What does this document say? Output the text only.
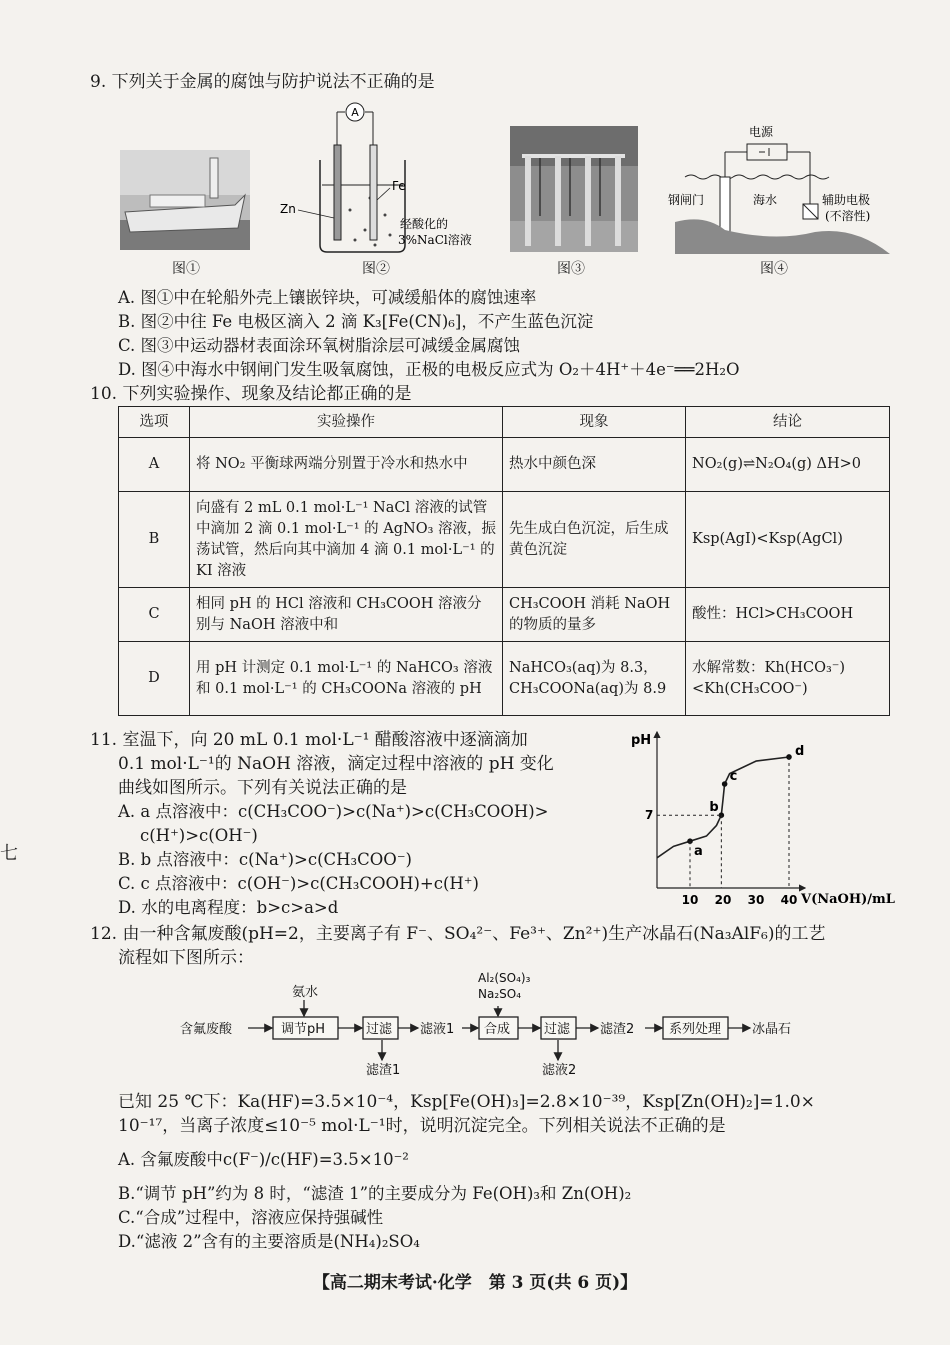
9. 下列关于金属的腐蚀与防护说法不正确的是
图①
A
Zn
Fe
经酸化的
3%NaCl溶液
图②	图③
电源
钢闸门	海水	辅助电极
(不溶性)
图④
A. 图①中在轮船外壳上镶嵌锌块，可减缓船体的腐蚀速率
B. 图②中往 Fe 电极区滴入 2 滴 K₃[Fe(CN)₆]，不产生蓝色沉淀
C. 图③中运动器材表面涂环氧树脂涂层可减缓金属腐蚀
D. 图④中海水中钢闸门发生吸氧腐蚀，正极的电极反应式为 O₂＋4H⁺＋4e⁻══2H₂O
10. 下列实验操作、现象及结论都正确的是
选项	实验操作	现象	结论
A	将 NO₂ 平衡球两端分别置于冷水和热水中	热水中颜色深	NO₂(g)⇌N₂O₄(g) ΔH>0
B	向盛有 2 mL 0.1 mol·L⁻¹ NaCl 溶液的试管中滴加 2 滴 0.1 mol·L⁻¹ 的 AgNO₃ 溶液，振荡试管，然后向其中滴加 4 滴 0.1 mol·L⁻¹ 的 KI 溶液	先生成白色沉淀，后生成黄色沉淀	Ksp(AgI)<Ksp(AgCl)
C	相同 pH 的 HCl 溶液和 CH₃COOH 溶液分别与 NaOH 溶液中和	CH₃COOH 消耗 NaOH 的物质的量多	酸性：HCl>CH₃COOH
D	用 pH 计测定 0.1 mol·L⁻¹ 的 NaHCO₃ 溶液和 0.1 mol·L⁻¹ 的 CH₃COONa 溶液的 pH	NaHCO₃(aq)为 8.3，CH₃COONa(aq)为 8.9	水解常数：Kh(HCO₃⁻)<Kh(CH₃COO⁻)
11. 室温下，向 20 mL 0.1 mol·L⁻¹ 醋酸溶液中逐滴滴加
0.1 mol·L⁻¹的 NaOH 溶液，滴定过程中溶液的 pH 变化
曲线如图所示。下列有关说法正确的是
A. a 点溶液中：c(CH₃COO⁻)>c(Na⁺)>c(CH₃COOH)>
c(H⁺)>c(OH⁻)
B. b 点溶液中：c(Na⁺)>c(CH₃COO⁻)
C. c 点溶液中：c(OH⁻)>c(CH₃COOH)+c(H⁺)
D. 水的电离程度：b>c>a>d
七
pH
V(NaOH)/mL
10 20 30 40
7
a
b
c
d
12. 由一种含氟废酸(pH=2，主要离子有 F⁻、SO₄²⁻、Fe³⁺、Zn²⁺)生产冰晶石(Na₃AlF₆)的工艺
流程如下图所示：
含氟废酸
氨水
调节pH	过滤
滤渣1
滤液1
Al₂(SO₄)₃
Na₂SO₄
合成	过滤
滤液2
滤渣2	系列处理 冰晶石
已知 25 ℃下：Ka(HF)=3.5×10⁻⁴，Ksp[Fe(OH)₃]=2.8×10⁻³⁹，Ksp[Zn(OH)₂]=1.0×
10⁻¹⁷，当离子浓度≤10⁻⁵ mol·L⁻¹时，说明沉淀完全。下列相关说法不正确的是
A. 含氟废酸中c(F⁻)/c(HF)=3.5×10⁻²
B.“调节 pH”约为 8 时，“滤渣 1”的主要成分为 Fe(OH)₃和 Zn(OH)₂
C.“合成”过程中，溶液应保持强碱性
D.“滤液 2”含有的主要溶质是(NH₄)₂SO₄
【高二期末考试·化学　第 3 页(共 6 页)】
